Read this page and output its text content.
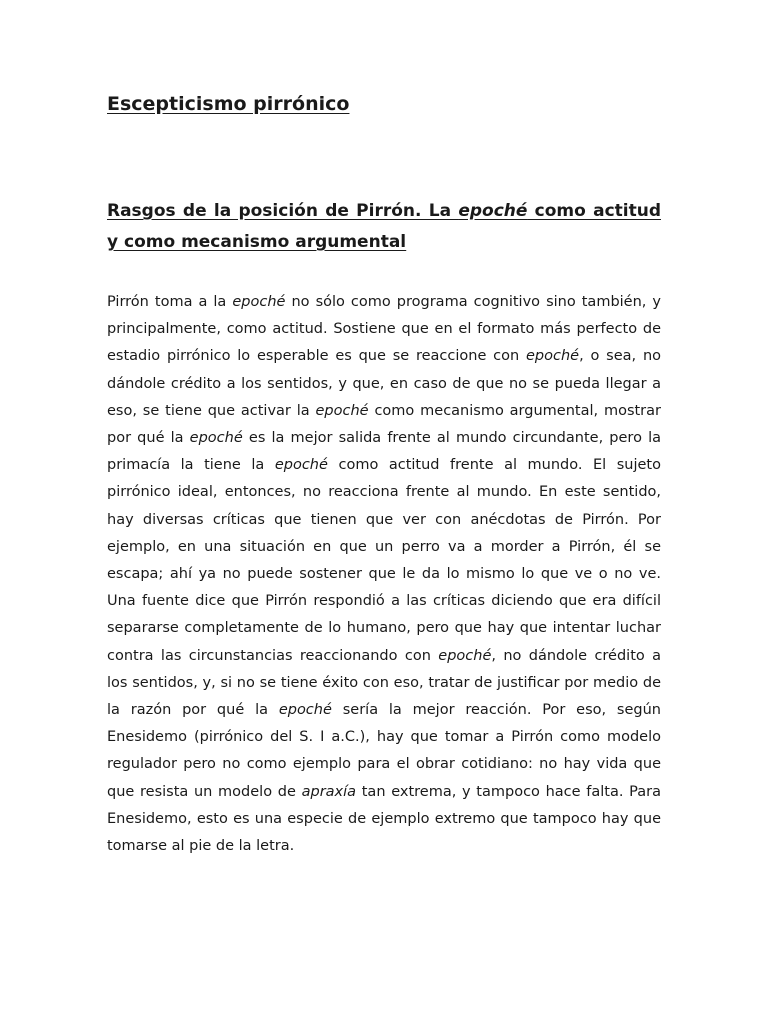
Escepticismo pirrónico
Rasgos de la posición de Pirrón. La epoché como actitud y como mecanismo argumental

Pirrón toma a la epoché no sólo como programa cognitivo sino también, y principalmente, como actitud. Sostiene que en el formato más perfecto de estadio pirrónico lo esperable es que se reaccione con epoché, o sea, no dándole crédito a los sentidos, y que, en caso de que no se pueda llegar a eso, se tiene que activar la epoché como mecanismo argumental, mostrar por qué la epoché es la mejor salida frente al mundo circundante, pero la primacía la tiene la epoché como actitud frente al mundo. El sujeto pirrónico ideal, entonces, no reacciona frente al mundo. En este sentido, hay diversas críticas que tienen que ver con anécdotas de Pirrón. Por ejemplo, en una situación en que un perro va a morder a Pirrón, él se escapa; ahí ya no puede sostener que le da lo mismo lo que ve o no ve. Una fuente dice que Pirrón respondió a las críticas diciendo que era difícil separarse completamente de lo humano, pero que hay que intentar luchar contra las circunstancias reaccionando con epoché, no dándole crédito a los sentidos, y, si no se tiene éxito con eso, tratar de justificar por medio de la razón por qué la epoché sería la mejor reacción. Por eso, según Enesidemo (pirrónico del S. I a.C.), hay que tomar a Pirrón como modelo regulador pero no como ejemplo para el obrar cotidiano: no hay vida que que resista un modelo de apraxía tan extrema, y tampoco hace falta. Para Enesidemo, esto es una especie de ejemplo extremo que tampoco hay que tomarse al pie de la letra.
